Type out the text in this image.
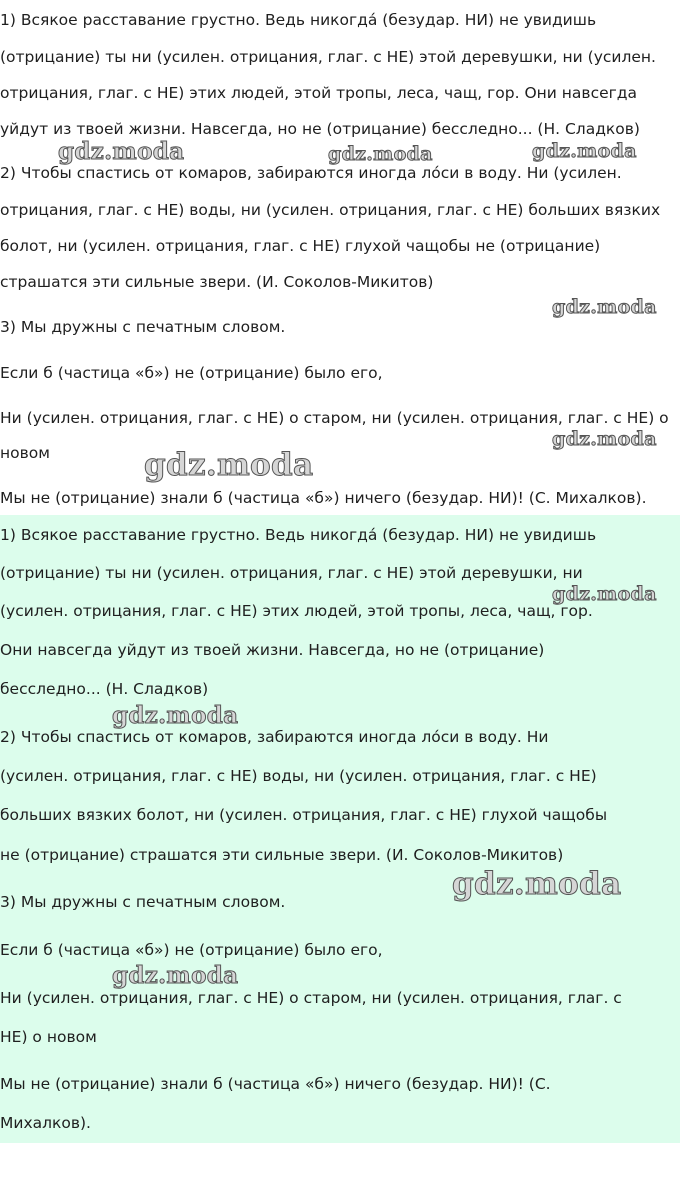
1) Всякое расставание грустно. Ведь никогда́ (безудар. НИ) не увидишь
(отрицание) ты ни (усилен. отрицания, глаг. с НЕ) этой деревушки, ни (усилен.
отрицания, глаг. с НЕ) этих людей, этой тропы, леса, чащ, гор. Они навсегда
уйдут из твоей жизни. Навсегда, но не (отрицание) бесследно... (Н. Сладков)
2) Чтобы спастись от комаров, забираются иногда ло́си в воду. Ни (усилен.
отрицания, глаг. с НЕ) воды, ни (усилен. отрицания, глаг. с НЕ) больших вязких
болот, ни (усилен. отрицания, глаг. с НЕ) глухой чащобы не (отрицание)
страшатся эти сильные звери. (И. Соколов-Микитов)
3) Мы дружны с печатным словом.
Если б (частица «б») не (отрицание) было его,
Ни (усилен. отрицания, глаг. с НЕ) о старом, ни (усилен. отрицания, глаг. с НЕ) о
новом
Мы не (отрицание) знали б (частица «б») ничего (безудар. НИ)! (С. Михалков).
1) Всякое расставание грустно. Ведь никогда́ (безудар. НИ) не увидишь
(отрицание) ты ни (усилен. отрицания, глаг. с НЕ) этой деревушки, ни
(усилен. отрицания, глаг. с НЕ) этих людей, этой тропы, леса, чащ, гор.
Они навсегда уйдут из твоей жизни. Навсегда, но не (отрицание)
бесследно... (Н. Сладков)
2) Чтобы спастись от комаров, забираются иногда ло́си в воду. Ни
(усилен. отрицания, глаг. с НЕ) воды, ни (усилен. отрицания, глаг. с НЕ)
больших вязких болот, ни (усилен. отрицания, глаг. с НЕ) глухой чащобы
не (отрицание) страшатся эти сильные звери. (И. Соколов-Микитов)
3) Мы дружны с печатным словом.
Если б (частица «б») не (отрицание) было его,
Ни (усилен. отрицания, глаг. с НЕ) о старом, ни (усилен. отрицания, глаг. с
НЕ) о новом
Мы не (отрицание) знали б (частица «б») ничего (безудар. НИ)! (С.
Михалков).
gdz.moda	gdz.moda	gdz.moda
gdz.moda
gdz.moda
gdz.moda
gdz.moda
gdz.moda
gdz.moda
gdz.moda
